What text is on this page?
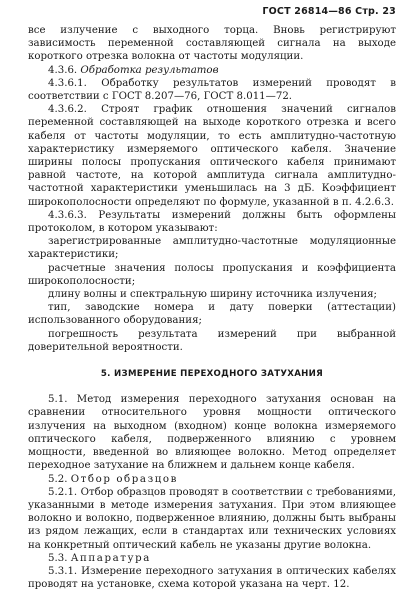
ГОСТ 26814—86 Стр. 23

все излучение с выходного торца. Вновь регистрируют зависимость переменной составляющей сигнала на выходе короткого отрезка волокна от частоты модуляции.

4.3.6. Обработка результатов

4.3.6.1. Обработку результатов измерений проводят в соответствии с ГОСТ 8.207—76, ГОСТ 8.011—72.

4.3.6.2. Строят график отношения значений сигналов переменной составляющей на выходе короткого отрезка и всего кабеля от частоты модуляции, то есть амплитудно-частотную характеристику измеряемого оптического кабеля. Значение ширины полосы пропускания оптического кабеля принимают равной частоте, на которой амплитуда сигнала амплитудно-частотной характеристики уменьшилась на 3 дБ. Коэффициент широкополосности определяют по формуле, указанной в п. 4.2.6.3.

4.3.6.3. Результаты измерений должны быть оформлены протоколом, в котором указывают:

зарегистрированные амплитудно-частотные модуляционные характеристики;

расчетные значения полосы пропускания и коэффициента широкополосности;

длину волны и спектральную ширину источника излучения;

тип, заводские номера и дату поверки (аттестации) использованного оборудования;

погрешность результата измерений при выбранной доверительной вероятности.

5. ИЗМЕРЕНИЕ ПЕРЕХОДНОГО ЗАТУХАНИЯ

5.1. Метод измерения переходного затухания основан на сравнении относительного уровня мощности оптического излучения на выходном (входном) конце волокна измеряемого оптического кабеля, подверженного влиянию с уровнем мощности, введенной во влияющее волокно. Метод определяет переходное затухание на ближнем и дальнем конце кабеля.

5.2. Отбор образцов

5.2.1. Отбор образцов проводят в соответствии с требованиями, указанными в методе измерения затухания. При этом влияющее волокно и волокно, подверженное влиянию, должны быть выбраны из рядом лежащих, если в стандартах или технических условиях на конкретный оптический кабель не указаны другие волокна.

5.3. Аппаратура

5.3.1. Измерение переходного затухания в оптических кабелях проводят на установке, схема которой указана на черт. 12.
